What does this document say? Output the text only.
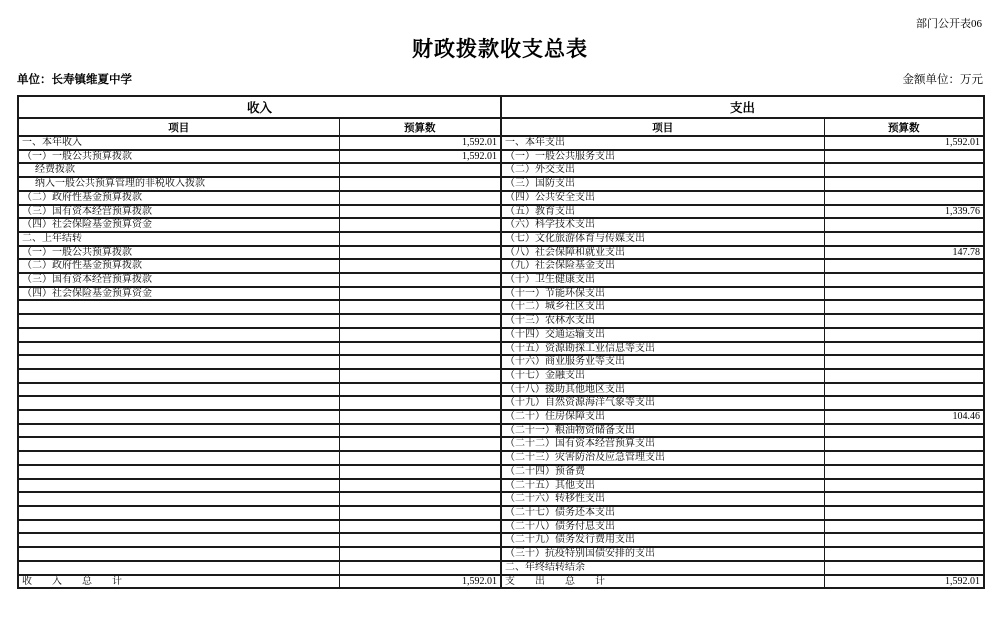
部门公开表06
财政拨款收支总表
单位：长寿镇维夏中学	金额单位：万元
收入		支出	
项目	预算数	项目	预算数
一、本年收入	1,592.01	一、本年支出	1,592.01
（一）一般公共预算拨款	1,592.01	（一）一般公共服务支出	
经费拨款		（二）外交支出	
纳入一般公共预算管理的非税收入拨款		（三）国防支出	
（二）政府性基金预算拨款		（四）公共安全支出	
（三）国有资本经营预算拨款		（五）教育支出	1,339.76
（四）社会保险基金预算资金		（六）科学技术支出	
二、上年结转		（七）文化旅游体育与传媒支出	
（一）一般公共预算拨款		（八）社会保障和就业支出	147.78
（二）政府性基金预算拨款		（九）社会保险基金支出	
（三）国有资本经营预算拨款		（十）卫生健康支出	
（四）社会保险基金预算资金		（十一）节能环保支出	
		（十二）城乡社区支出	
		（十三）农林水支出	
		（十四）交通运输支出	
		（十五）资源勘探工业信息等支出	
		（十六）商业服务业等支出	
		（十七）金融支出	
		（十八）援助其他地区支出	
		（十九）自然资源海洋气象等支出	
		（二十）住房保障支出	104.46
		（二十一）粮油物资储备支出	
		（二十二）国有资本经营预算支出	
		（二十三）灾害防治及应急管理支出	
		（二十四）预备费	
		（二十五）其他支出	
		（二十六）转移性支出	
		（二十七）债务还本支出	
		（二十八）债务付息支出	
		（二十九）债务发行费用支出	
		（三十）抗疫特别国债安排的支出	
		二、年终结转结余	
收　　入　　总　　计	1,592.01	支　　出　　总　　计	1,592.01
